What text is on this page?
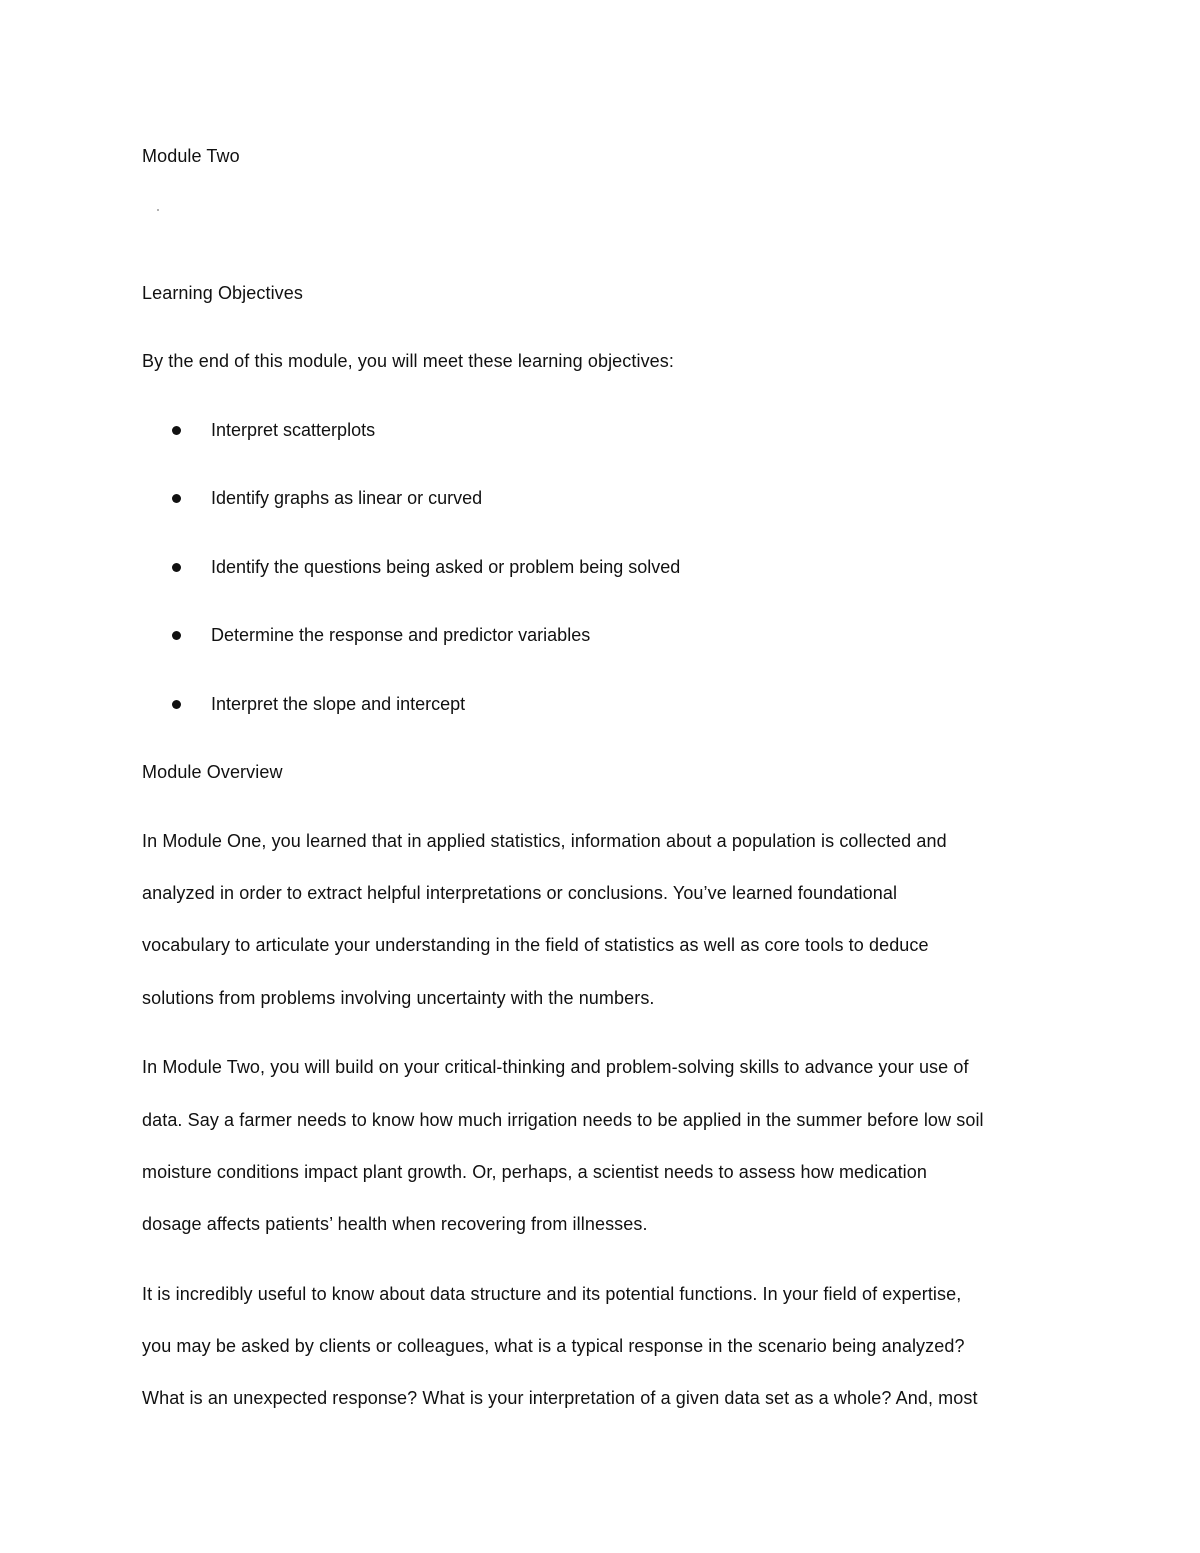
Module Two
Learning Objectives
By the end of this module, you will meet these learning objectives:
Interpret scatterplots
Identify graphs as linear or curved
Identify the questions being asked or problem being solved
Determine the response and predictor variables
Interpret the slope and intercept
Module Overview
In Module One, you learned that in applied statistics, information about a population is collected and
analyzed in order to extract helpful interpretations or conclusions. You’ve learned foundational
vocabulary to articulate your understanding in the field of statistics as well as core tools to deduce
solutions from problems involving uncertainty with the numbers.
In Module Two, you will build on your critical-thinking and problem-solving skills to advance your use of
data. Say a farmer needs to know how much irrigation needs to be applied in the summer before low soil
moisture conditions impact plant growth. Or, perhaps, a scientist needs to assess how medication
dosage affects patients’ health when recovering from illnesses.
It is incredibly useful to know about data structure and its potential functions. In your field of expertise,
you may be asked by clients or colleagues, what is a typical response in the scenario being analyzed?
What is an unexpected response? What is your interpretation of a given data set as a whole? And, most
